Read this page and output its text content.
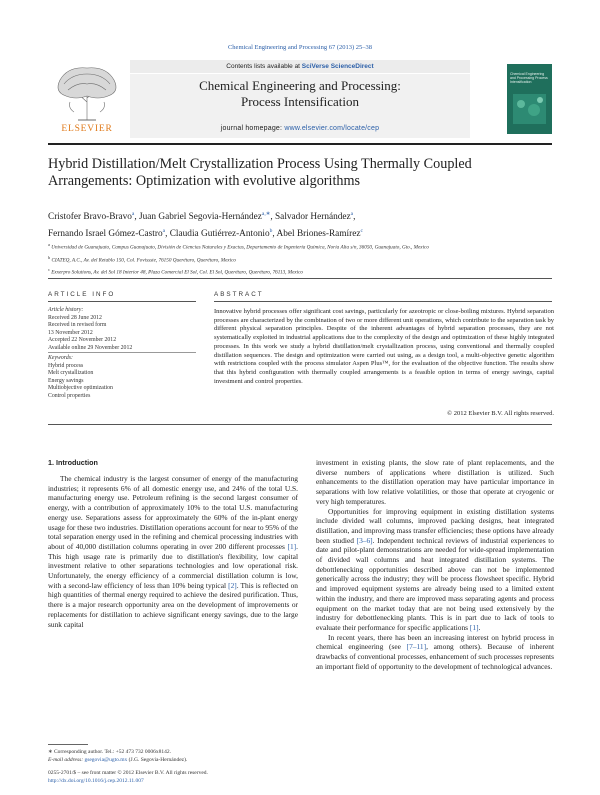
Chemical Engineering and Processing 67 (2013) 25–38
ELSEVIER
Contents lists available at SciVerse ScienceDirect
Chemical Engineering and Processing:
Process Intensification
journal homepage: www.elsevier.com/locate/cep
Chemical Engineering and Processing Process Intensification
Hybrid Distillation/Melt Crystallization Process Using Thermally Coupled
Arrangements: Optimization with evolutive algorithms
Cristofer Bravo-Bravo$^a$, Juan Gabriel Segovia-Hernández$^{a,∗}$, Salvador Hernández$^a$,
Fernando Israel Gómez-Castro$^a$, Claudia Gutiérrez-Antonio$^b$, Abel Briones-Ramírez$^c$
$^a$ Universidad de Guanajuato, Campus Guanajuato, División de Ciencias Naturales y Exactas, Departamento de Ingeniería Química, Noria Alta s/n, 36050, Guanajuato, Gto., Mexico
$^b$ CIATEQ, A.C., Av. del Retablo 150, Col. Fovissste, 76150 Querétaro, Querétaro, Mexico
$^c$ Exxerpro Solutions, Av. del Sol 18 Interior 48, Plaza Comercial El Sol, Col. El Sol, Querétaro, Querétaro, 76113, Mexico
ARTICLE INFO	ABSTRACT
Article history:
Received 28 June 2012
Received in revised form
13 November 2012
Accepted 22 November 2012
Available online 29 November 2012
Keywords:
Hybrid process
Melt crystallization
Energy savings
Multiobjective optimization
Control properties
Innovative hybrid processes offer significant cost savings, particularly for azeotropic or close-boiling mixtures. Hybrid separation processes are characterized by the combination of two or more different unit operations, which contribute to the separation task by different physical separation principles. Despite of the inherent advantages of hybrid separation processes, they are not systematically exploited in industrial applications due to the complexity of the design and optimization of these highly integrated processes. In this work we study a hybrid distillation/melt crystallization process, using conventional and thermally coupled distillation sequences. The design and optimization were carried out using, as a design tool, a multi-objective genetic algorithm with restrictions coupled with the process simulator Aspen Plus™, for the evaluation of the objective function. The results show that this hybrid configuration with thermally coupled arrangements is a feasible option in terms of energy savings, capital investment and control properties.
© 2012 Elsevier B.V. All rights reserved.
1. Introduction

The chemical industry is the largest consumer of energy of the manufacturing industries; it represents 6% of all domestic energy use, and 24% of the total U.S. manufacturing energy use. Petroleum refining is the second largest consumer of energy, with a contribution of approximately 10% to the total U.S. manufacturing energy use. Separations assess for approximately the 60% of the in-plant energy usage for these two industries. Distillation operations account for near to 95% of the total separation energy used in the refining and chemical processing industries with about of 40,000 distillation columns operating in over 200 different processes [1]. This high usage rate is primarily due to distillation's flexibility, low capital investment relative to other separations technologies and low operational risk. Unfortunately, the energy efficiency of a commercial distillation column is low, with a second-law efficiency of less than 10% being typical [2]. This is reflected on high quantities of thermal energy required to achieve the desired purification. Thus, there is a major research opportunity area on the development of improvements or replacements for distillation to achieve significant energy savings, due to the large sunk capital

investment in existing plants, the slow rate of plant replacements, and the diverse numbers of applications where distillation is utilized. Such enhancements to the distillation operation may have particular importance in separations with low relative volatilities, or those that operate at cryogenic or very high temperatures.

Opportunities for improving equipment in existing distillation systems include divided wall columns, improved packing designs, heat integrated distillation, and improving mass transfer efficiencies; these options have already been studied [3–6]. Independent technical reviews of industrial experiences to date and pilot-plant demonstrations are needed for wide-spread implementation of divided wall columns and heat integrated distillation systems. The debottlenecking opportunities described above can not be implemented generically across the industry; they will be process flowsheet specific. Hybrid and improved equipment systems are already being used to a limited extent within the industry, and there are improved mass separating agents and process equipment on the market today that are not being used extensively by the industry for debottlenecking plants. This is in part due to lack of tools to evaluate their performance for specific applications [1].

In recent years, there has been an increasing interest on hybrid process in chemical engineering (see [7–11], among others). Because of inherent drawbacks of conventional processes, enhancement of such processes represents an important field of opportunity to the development of technological advances.

∗ Corresponding author. Tel.: +52 473 732 0006x8142.
E-mail address: gsegovia@ugto.mx (J.G. Segovia-Hernández).
0255-2701/$ – see front matter © 2012 Elsevier B.V. All rights reserved.
http://dx.doi.org/10.1016/j.cep.2012.11.007
